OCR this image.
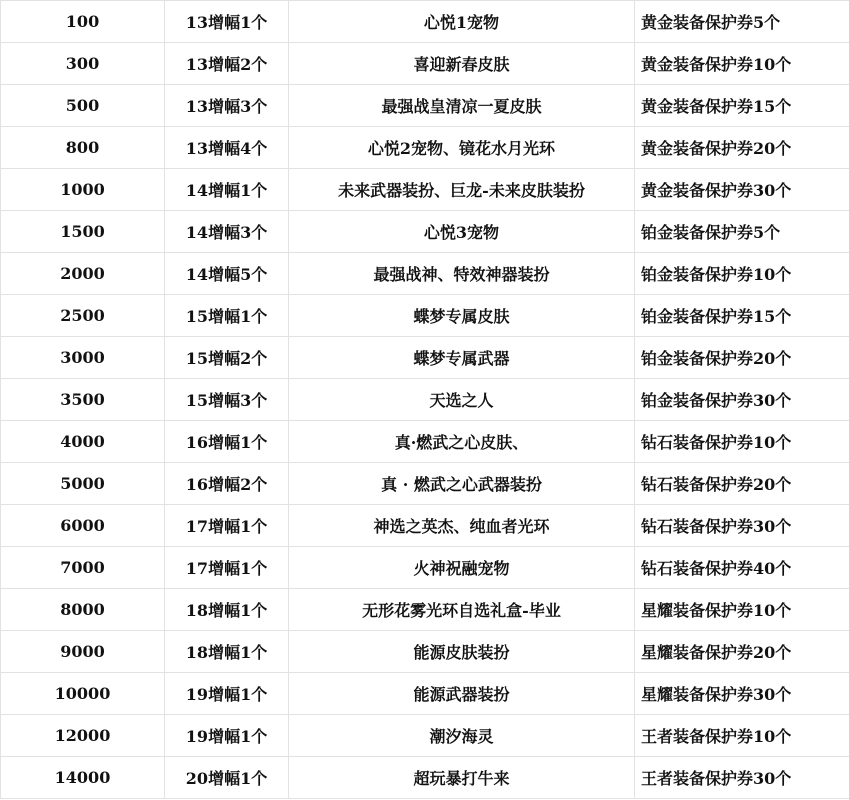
100	13增幅1个	心悦1宠物	黄金装备保护券5个
300	13增幅2个	喜迎新春皮肤	黄金装备保护券10个
500	13增幅3个	最强战皇清凉一夏皮肤	黄金装备保护券15个
800	13增幅4个	心悦2宠物、镜花水月光环	黄金装备保护券20个
1000	14增幅1个	未来武器装扮、巨龙-未来皮肤装扮	黄金装备保护券30个
1500	14增幅3个	心悦3宠物	铂金装备保护券5个
2000	14增幅5个	最强战神、特效神器装扮	铂金装备保护券10个
2500	15增幅1个	蝶梦专属皮肤	铂金装备保护券15个
3000	15增幅2个	蝶梦专属武器	铂金装备保护券20个
3500	15增幅3个	天选之人	铂金装备保护券30个
4000	16增幅1个	真·燃武之心皮肤、	钻石装备保护券10个
5000	16增幅2个	真 · 燃武之心武器装扮	钻石装备保护券20个
6000	17增幅1个	神选之英杰、纯血者光环	钻石装备保护券30个
7000	17增幅1个	火神祝融宠物	钻石装备保护券40个
8000	18增幅1个	无形花雾光环自选礼盒-毕业	星耀装备保护券10个
9000	18增幅1个	能源皮肤装扮	星耀装备保护券20个
10000	19增幅1个	能源武器装扮	星耀装备保护券30个
12000	19增幅1个	潮汐海灵	王者装备保护券10个
14000	20增幅1个	超玩暴打牛来	王者装备保护券30个
